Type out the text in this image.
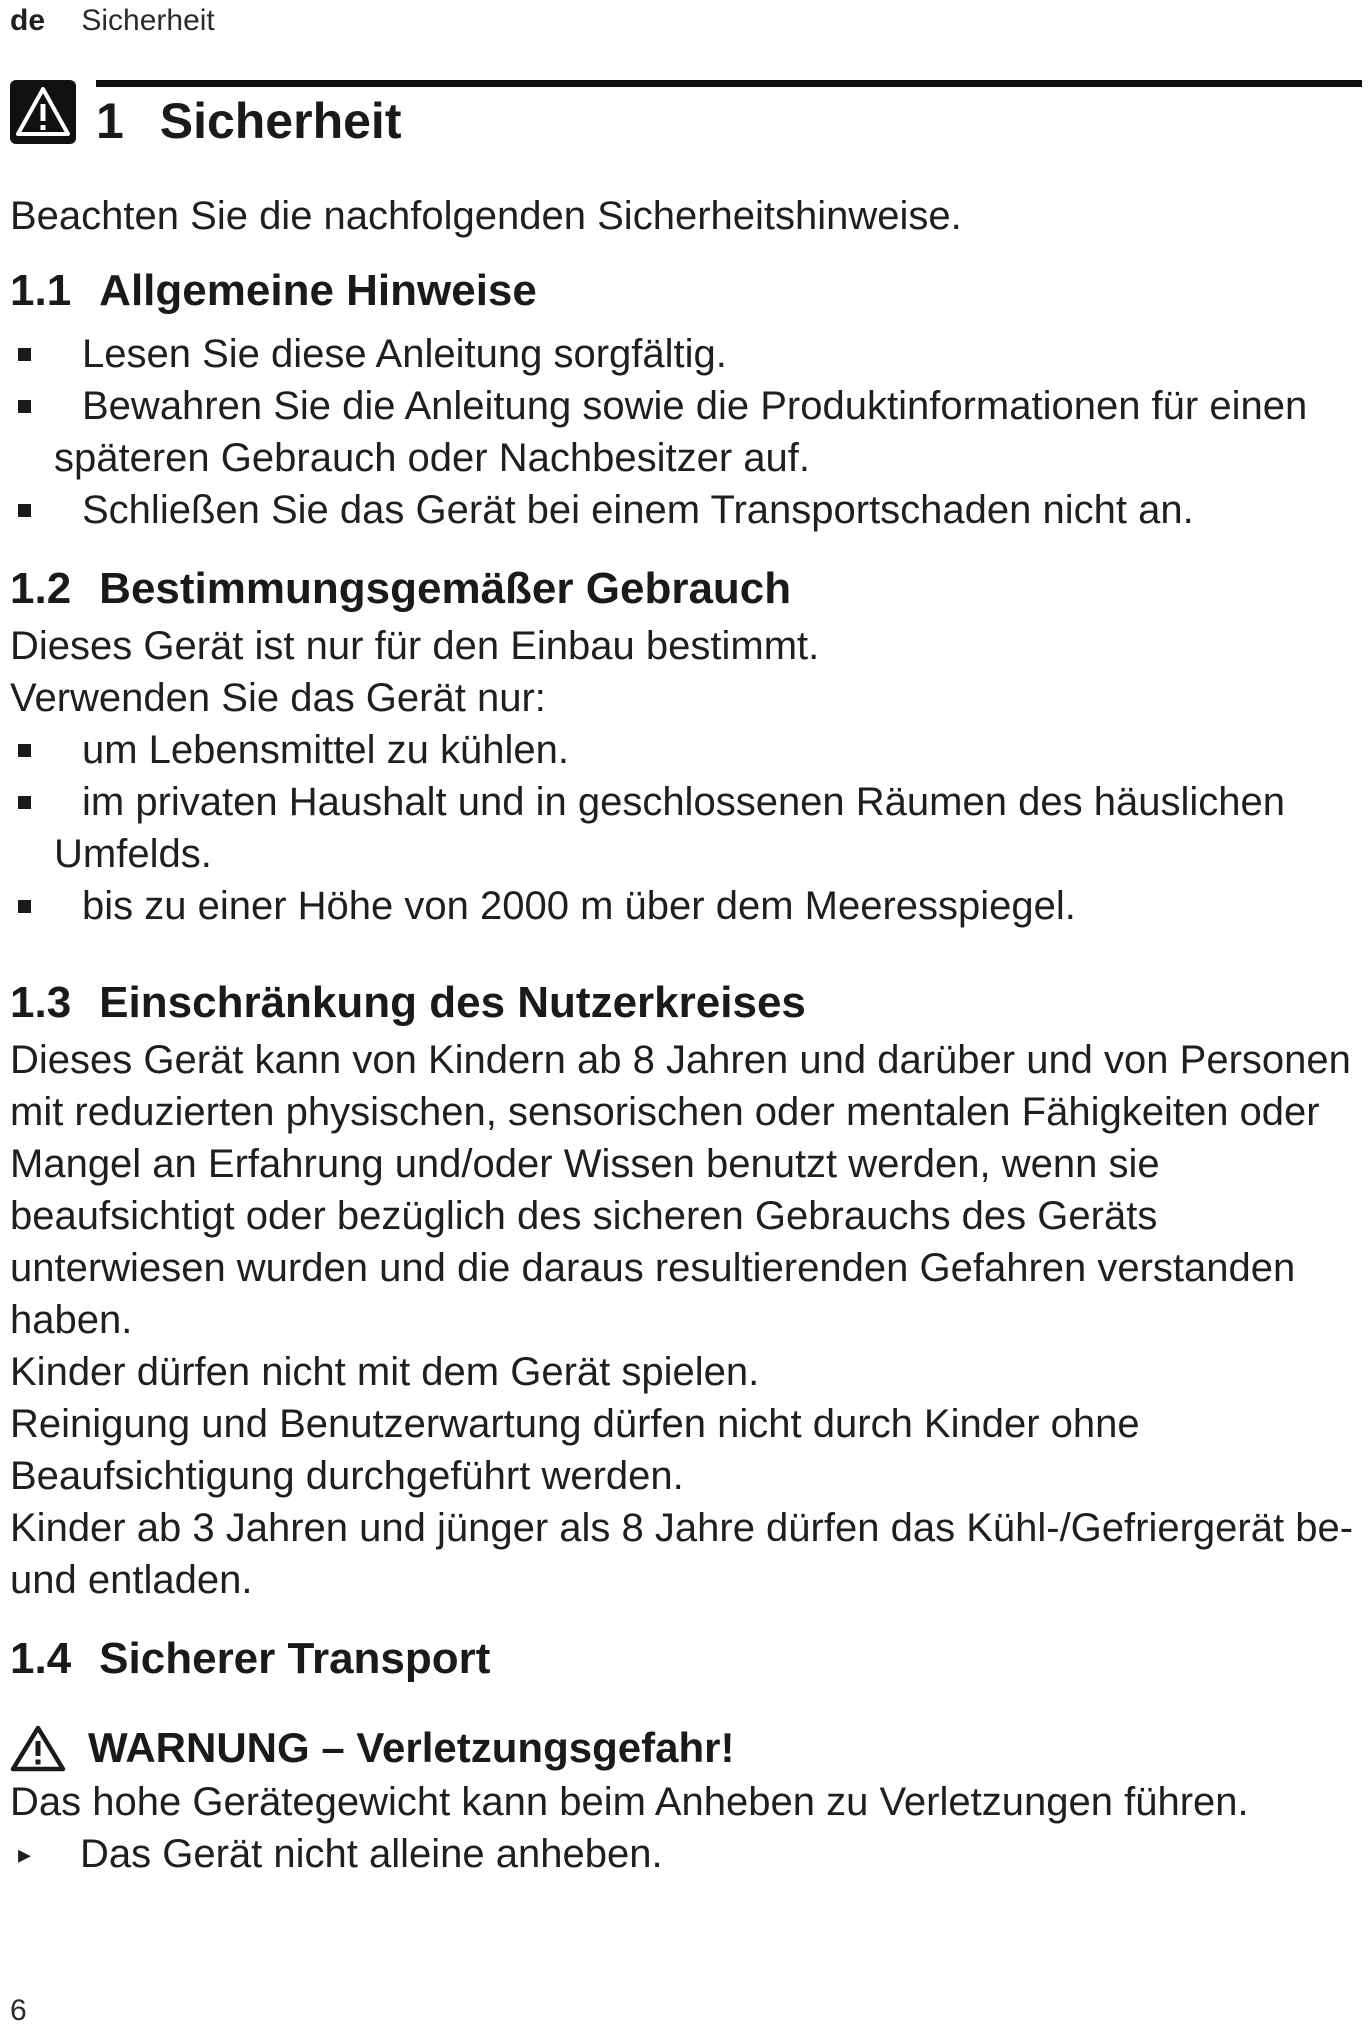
de Sicherheit
1 Sicherheit

Beachten Sie die nachfolgenden Sicherheitshinweise.

1.1 Allgemeine Hinweise
Lesen Sie diese Anleitung sorgfältig.
Bewahren Sie die Anleitung sowie die Produktinformationen für einen späteren Gebrauch oder Nachbesitzer auf.
Schließen Sie das Gerät bei einem Transportschaden nicht an.
1.2 Bestimmungsgemäßer Gebrauch

Dieses Gerät ist nur für den Einbau bestimmt.

Verwenden Sie das Gerät nur:

um Lebensmittel zu kühlen.
im privaten Haushalt und in geschlossenen Räumen des häuslichen Umfelds.
bis zu einer Höhe von 2000 m über dem Meeresspiegel.
1.3 Einschränkung des Nutzerkreises

Dieses Gerät kann von Kindern ab 8 Jahren und darüber und von Personen mit reduzierten physischen, sensorischen oder mentalen Fähigkeiten oder Mangel an Erfahrung und/oder Wissen benutzt werden, wenn sie beaufsichtigt oder bezüglich des sicheren Gebrauchs des Geräts unterwiesen wurden und die daraus resultierenden Gefahren verstanden haben.

Kinder dürfen nicht mit dem Gerät spielen.

Reinigung und Benutzerwartung dürfen nicht durch Kinder ohne Beaufsichtigung durchgeführt werden.

Kinder ab 3 Jahren und jünger als 8 Jahre dürfen das Kühl-/Gefriergerät be- und entladen.

1.4 Sicherer Transport
WARNUNG – Verletzungsgefahr!

Das hohe Gerätegewicht kann beim Anheben zu Verletzungen führen.

▸ Das Gerät nicht alleine anheben.
6
